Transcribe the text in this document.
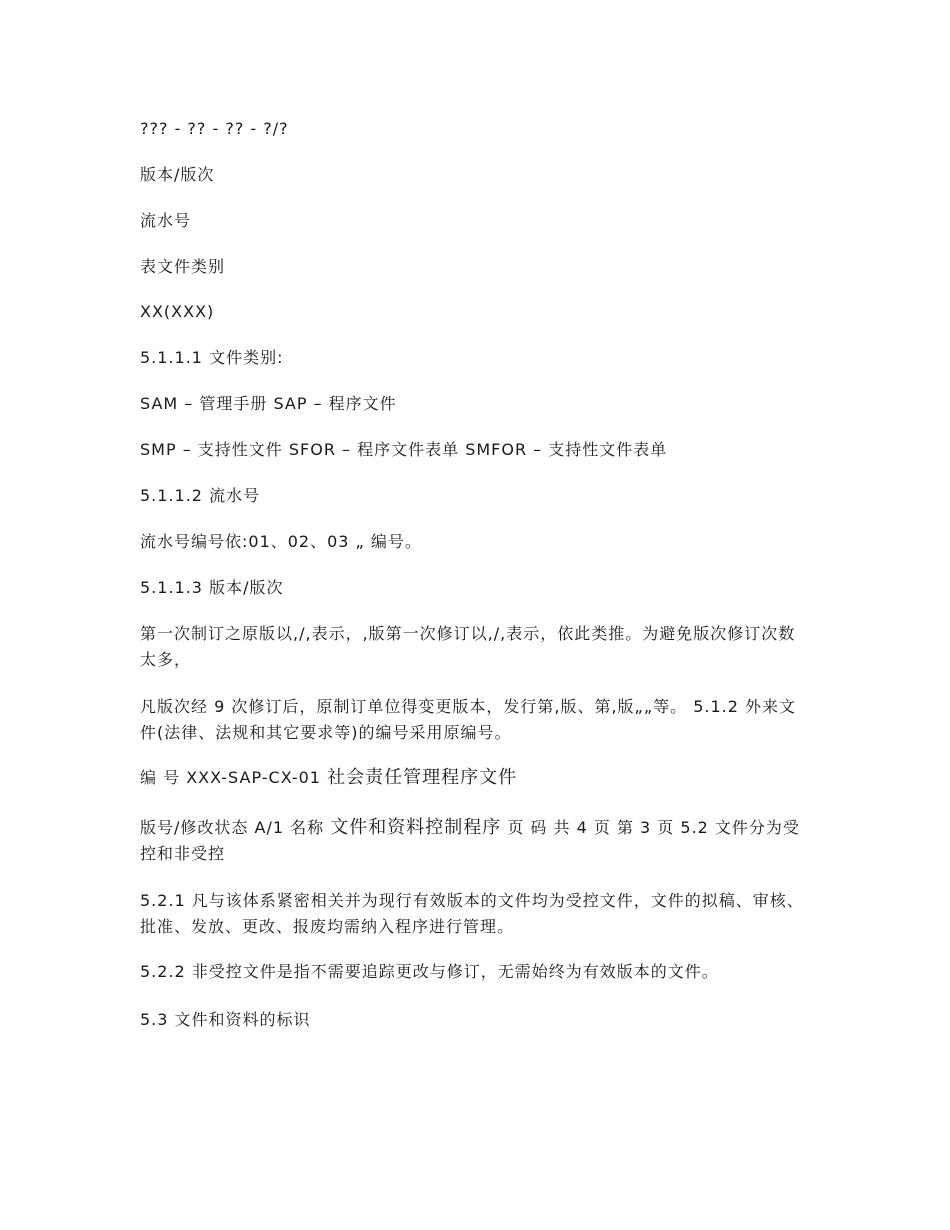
??? - ?? - ?? - ?/?
版本/版次
流水号
表文件类别
XX(XXX)
5.1.1.1 文件类别:
SAM – 管理手册 SAP – 程序文件
SMP – 支持性文件 SFOR – 程序文件表单 SMFOR – 支持性文件表单
5.1.1.2 流水号
流水号编号依:01、02、03 „ 编号。
5.1.1.3 版本/版次
第一次制订之原版以,/,表示，,版第一次修订以,/,表示，依此类推。为避免版次修订次数太多，
凡版次经 9 次修订后，原制订单位得变更版本，发行第,版、第,版„„等。 5.1.2 外来文件(法律、法规和其它要求等)的编号采用原编号。
编 号 XXX-SAP-CX-01 社会责任管理程序文件
版号/修改状态 A/1 名称 文件和资料控制程序 页 码 共 4 页 第 3 页 5.2 文件分为受控和非受控
5.2.1 凡与该体系紧密相关并为现行有效版本的文件均为受控文件，文件的拟稿、审核、批准、发放、更改、报废均需纳入程序进行管理。
5.2.2 非受控文件是指不需要追踪更改与修订，无需始终为有效版本的文件。
5.3 文件和资料的标识
